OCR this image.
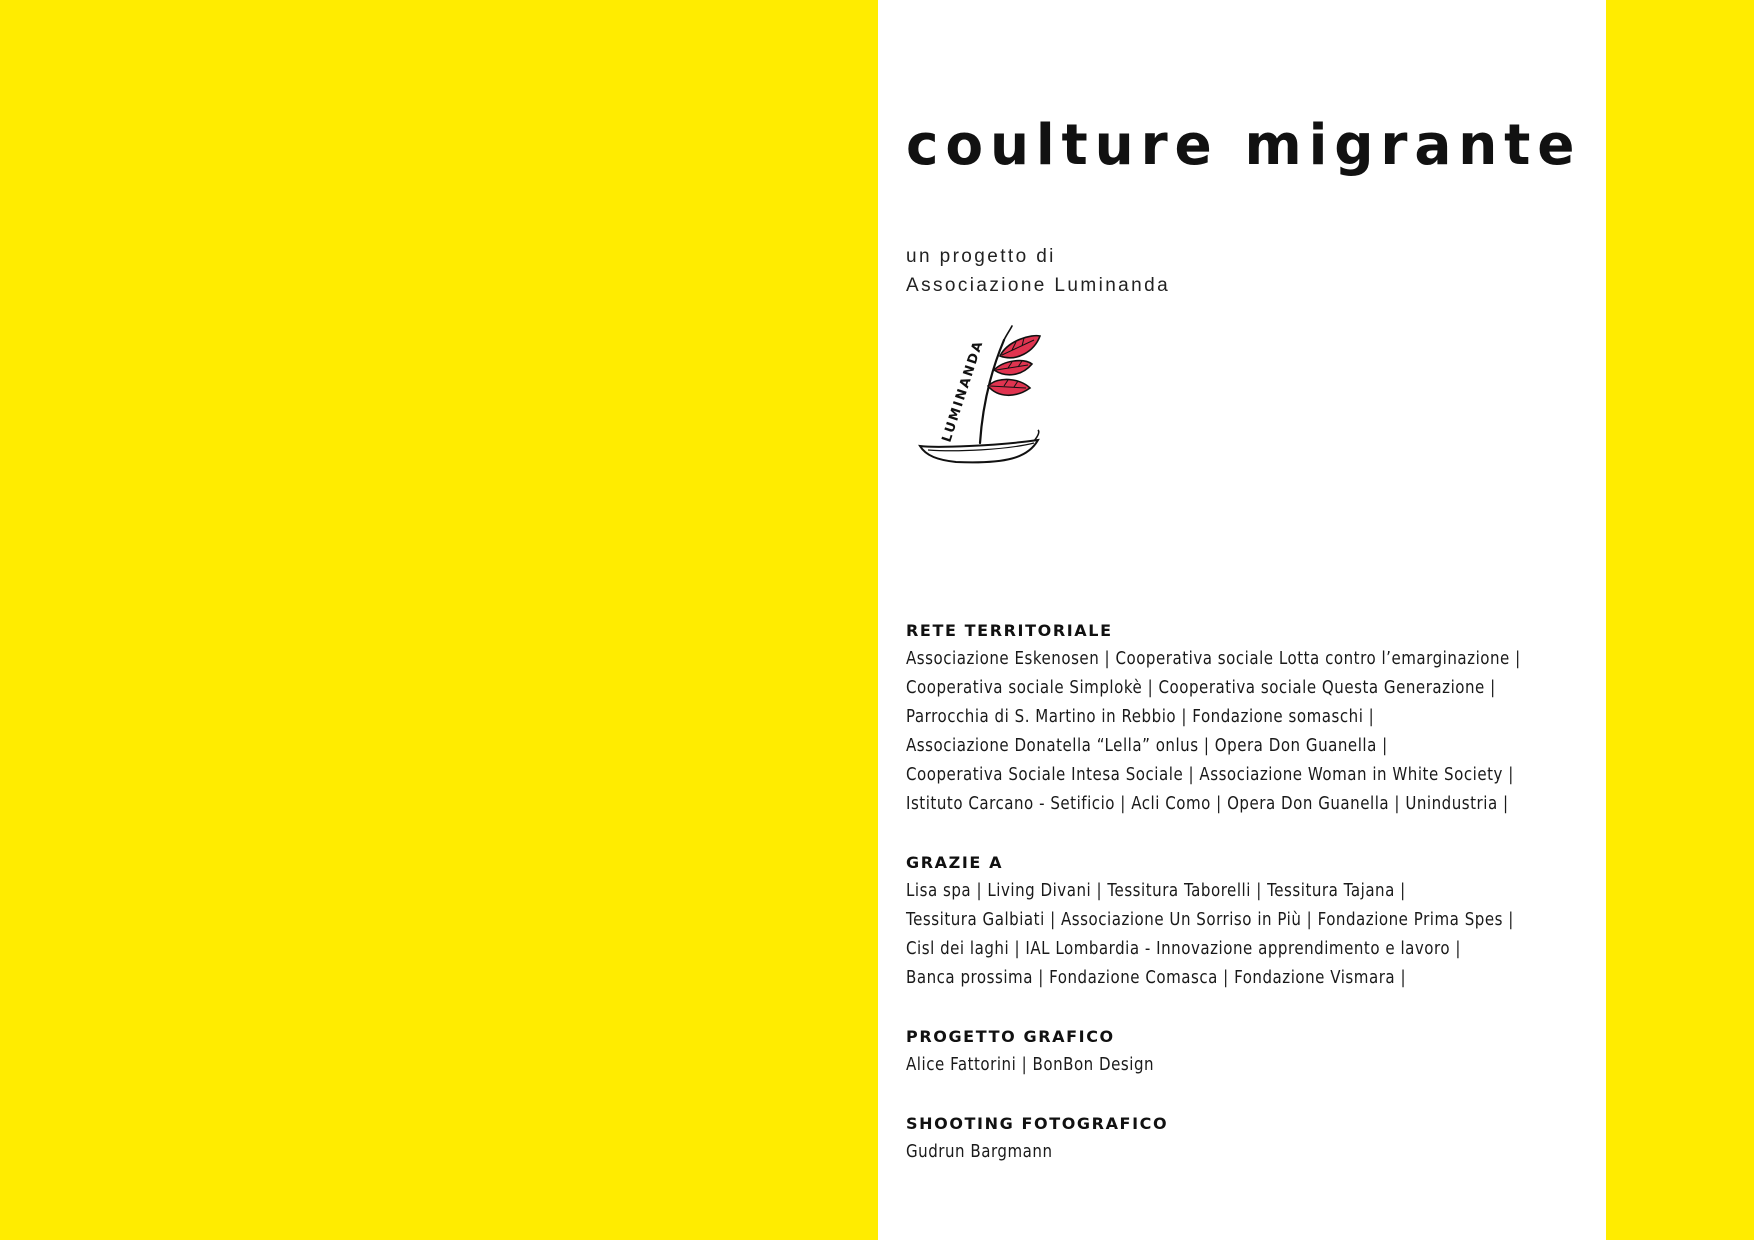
coulture migrante
un progetto di
Associazione Luminanda
LUMINANDA
RETE TERRITORIALE
Associazione Eskenosen | Cooperativa sociale Lotta contro l’emarginazione |
Cooperativa sociale Simplokè | Cooperativa sociale Questa Generazione |
Parrocchia di S. Martino in Rebbio | Fondazione somaschi |
Associazione Donatella “Lella” onlus | Opera Don Guanella |
Cooperativa Sociale Intesa Sociale | Associazione Woman in White Society |
Istituto Carcano - Setificio | Acli Como | Opera Don Guanella | Unindustria |
GRAZIE A
Lisa spa | Living Divani | Tessitura Taborelli | Tessitura Tajana |
Tessitura Galbiati | Associazione Un Sorriso in Più | Fondazione Prima Spes |
Cisl dei laghi | IAL Lombardia - Innovazione apprendimento e lavoro |
Banca prossima | Fondazione Comasca | Fondazione Vismara |
PROGETTO GRAFICO
Alice Fattorini | BonBon Design
SHOOTING FOTOGRAFICO
Gudrun Bargmann
